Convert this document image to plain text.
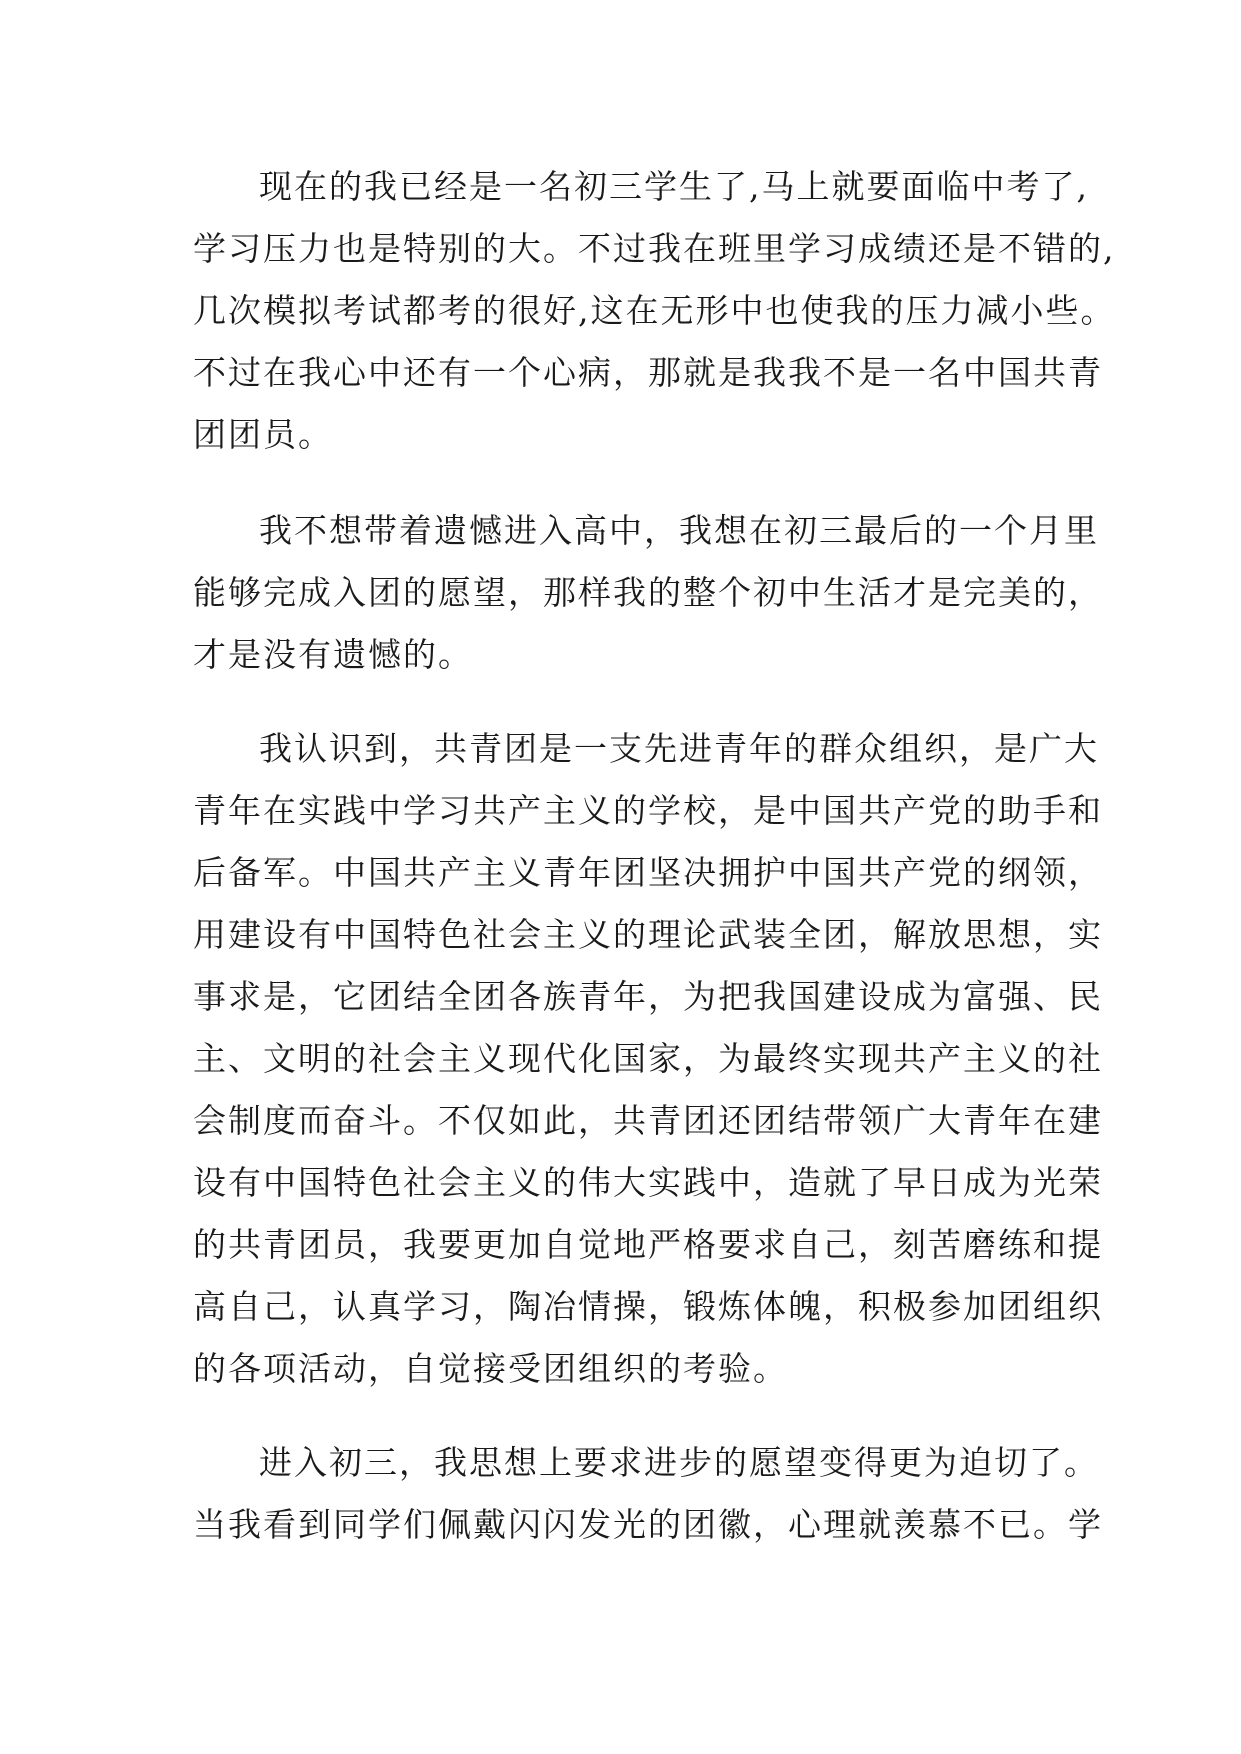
现在的我已经是一名初三学生了,马上就要面临中考了,
学习压力也是特别的大。不过我在班里学习成绩还是不错的,
几次模拟考试都考的很好,这在无形中也使我的压力减小些。
不过在我心中还有一个心病，那就是我我不是一名中国共青
团团员。
我不想带着遗憾进入高中，我想在初三最后的一个月里
能够完成入团的愿望，那样我的整个初中生活才是完美的，
才是没有遗憾的。
我认识到，共青团是一支先进青年的群众组织，是广大
青年在实践中学习共产主义的学校，是中国共产党的助手和
后备军。中国共产主义青年团坚决拥护中国共产党的纲领，
用建设有中国特色社会主义的理论武装全团，解放思想，实
事求是，它团结全团各族青年，为把我国建设成为富强、民
主、文明的社会主义现代化国家，为最终实现共产主义的社
会制度而奋斗。不仅如此，共青团还团结带领广大青年在建
设有中国特色社会主义的伟大实践中，造就了早日成为光荣
的共青团员，我要更加自觉地严格要求自己，刻苦磨练和提
高自己，认真学习，陶冶情操，锻炼体魄，积极参加团组织
的各项活动，自觉接受团组织的考验。
进入初三，我思想上要求进步的愿望变得更为迫切了。
当我看到同学们佩戴闪闪发光的团徽，心理就羡慕不已。学
